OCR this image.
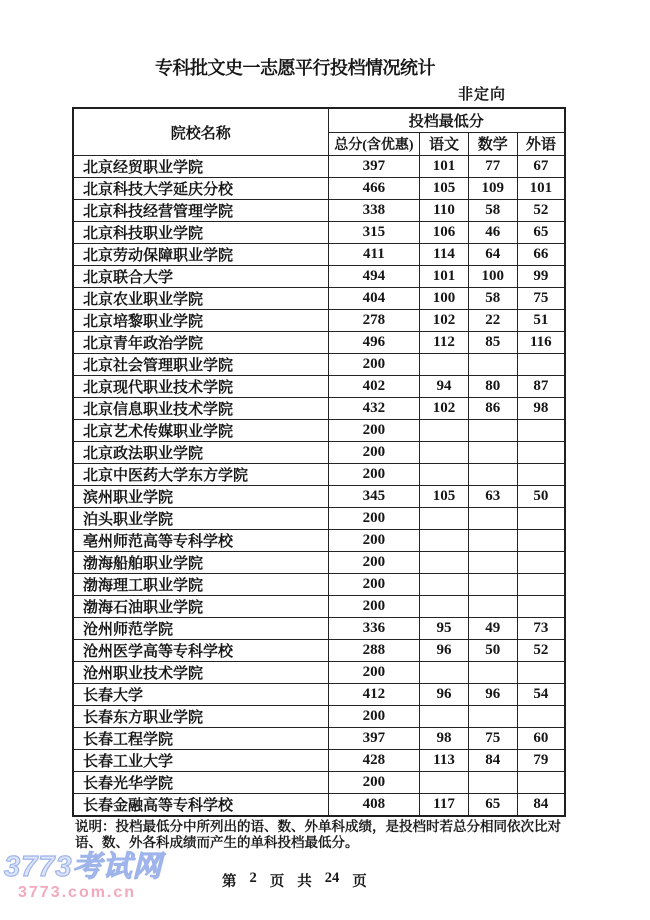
专科批文史一志愿平行投档情况统计
非定向
院校名称	投档最低分			
	总分(含优惠)	语文	数学	外语
北京经贸职业学院	397	101	77	67
北京科技大学延庆分校	466	105	109	101
北京科技经营管理学院	338	110	58	52
北京科技职业学院	315	106	46	65
北京劳动保障职业学院	411	114	64	66
北京联合大学	494	101	100	99
北京农业职业学院	404	100	58	75
北京培黎职业学院	278	102	22	51
北京青年政治学院	496	112	85	116
北京社会管理职业学院	200			
北京现代职业技术学院	402	94	80	87
北京信息职业技术学院	432	102	86	98
北京艺术传媒职业学院	200			
北京政法职业学院	200			
北京中医药大学东方学院	200			
滨州职业学院	345	105	63	50
泊头职业学院	200			
亳州师范高等专科学校	200			
渤海船舶职业学院	200			
渤海理工职业学院	200			
渤海石油职业学院	200			
沧州师范学院	336	95	49	73
沧州医学高等专科学校	288	96	50	52
沧州职业技术学院	200			
长春大学	412	96	96	54
长春东方职业学院	200			
长春工程学院	397	98	75	60
长春工业大学	428	113	84	79
长春光华学院	200			
长春金融高等专科学校	408	117	65	84
说明：投档最低分中所列出的语、数、外单科成绩，是投档时若总分相同依次比对
语、数、外各科成绩而产生的单科投档最低分。
第 2 页 共 24 页
3773考试网
3773.com.cn
